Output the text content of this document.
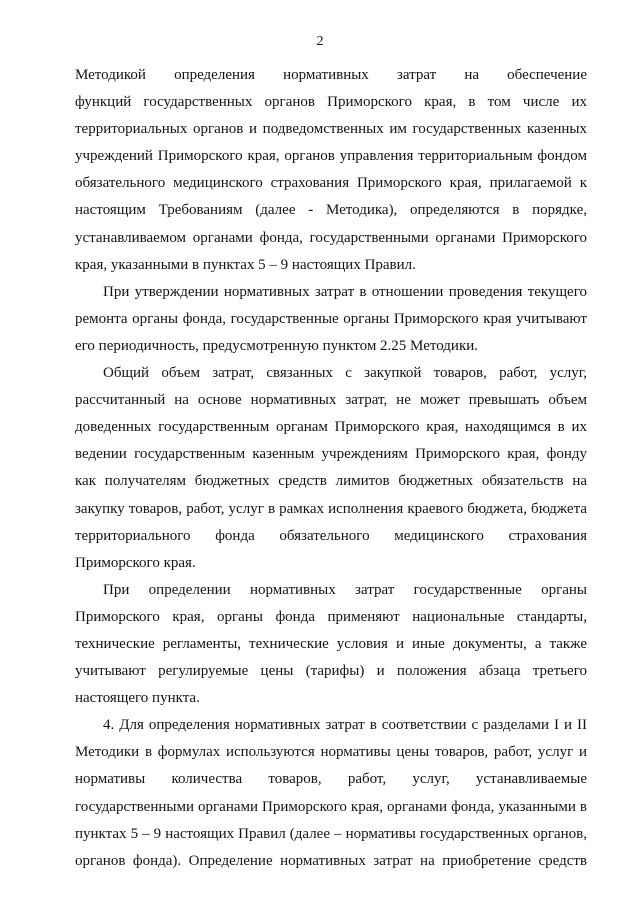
2
Методикой определения нормативных затрат на обеспечение
функций государственных органов Приморского края, в том числе их
территориальных органов и подведомственных им государственных казенных
учреждений Приморского края, органов управления территориальным фондом
обязательного медицинского страхования Приморского края, прилагаемой к
настоящим Требованиям (далее - Методика), определяются в порядке,
устанавливаемом органами фонда, государственными органами Приморского
края, указанными в пунктах 5 – 9 настоящих Правил.
При утверждении нормативных затрат в отношении проведения текущего
ремонта органы фонда, государственные органы Приморского края учитывают
его периодичность, предусмотренную пунктом 2.25 Методики.
Общий объем затрат, связанных с закупкой товаров, работ, услуг,
рассчитанный на основе нормативных затрат, не может превышать объем
доведенных государственным органам Приморского края, находящимся в их
ведении государственным казенным учреждениям Приморского края, фонду
как получателям бюджетных средств лимитов бюджетных обязательств на
закупку товаров, работ, услуг в рамках исполнения краевого бюджета, бюджета
территориального фонда обязательного медицинского страхования
Приморского края.
При определении нормативных затрат государственные органы
Приморского края, органы фонда применяют национальные стандарты,
технические регламенты, технические условия и иные документы, а также
учитывают регулируемые цены (тарифы) и положения абзаца третьего
настоящего пункта.
4. Для определения нормативных затрат в соответствии с разделами I и II
Методики в формулах используются нормативы цены товаров, работ, услуг и
нормативы количества товаров, работ, услуг, устанавливаемые
государственными органами Приморского края, органами фонда, указанными в
пунктах 5 – 9 настоящих Правил (далее – нормативы государственных органов,
органов фонда). Определение нормативных затрат на приобретение средств
